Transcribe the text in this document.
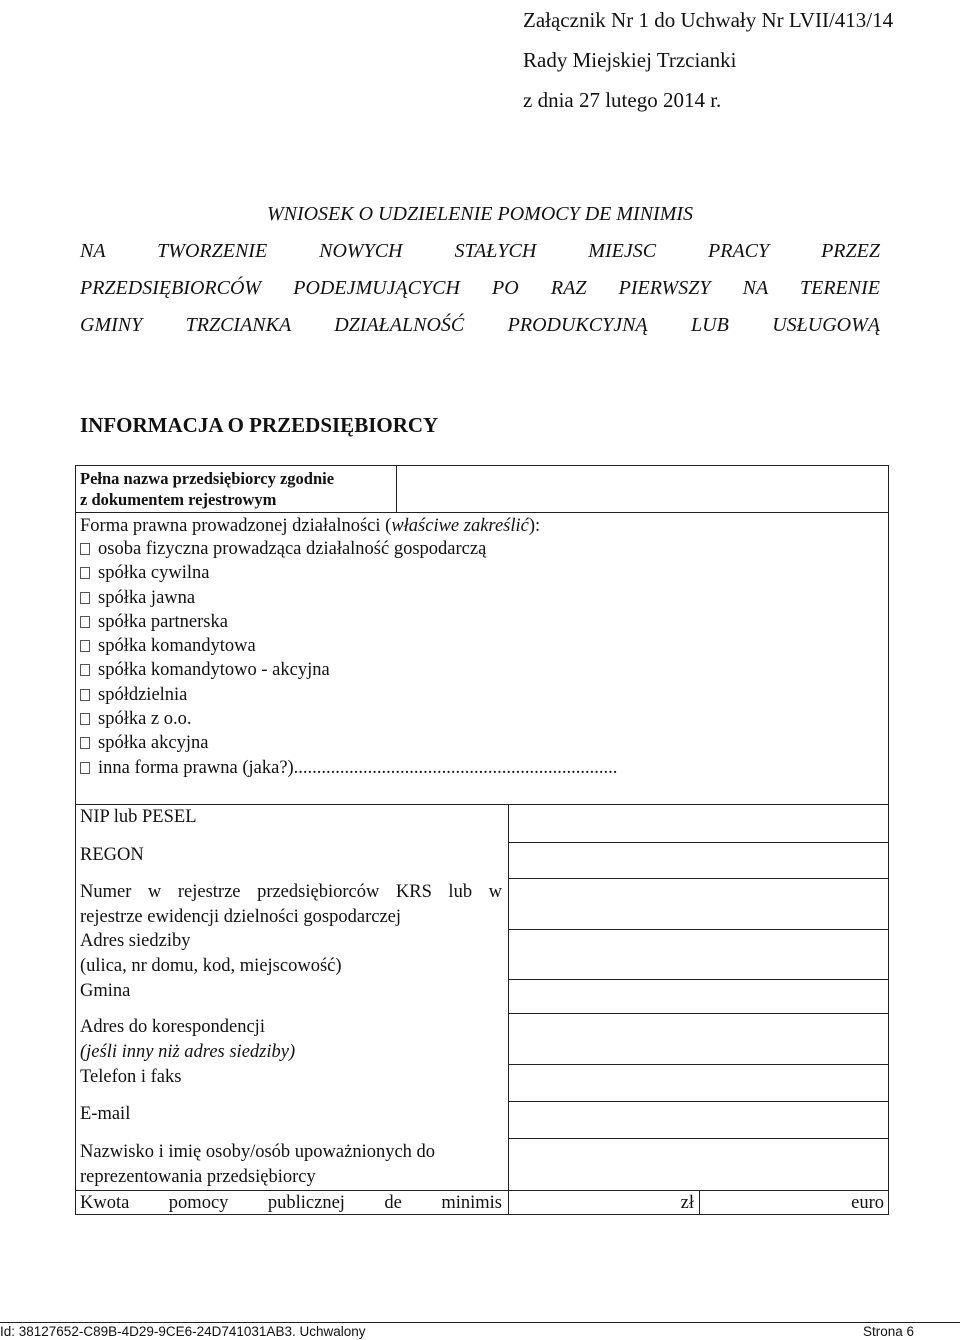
Załącznik Nr 1 do Uchwały Nr LVII/413/14
Rady Miejskiej Trzcianki
z dnia 27 lutego 2014 r.
WNIOSEK O UDZIELENIE POMOCY DE MINIMIS
NA TWORZENIE NOWYCH STAŁYCH MIEJSC PRACY PRZEZ
PRZEDSIĘBIORCÓW PODEJMUJĄCYCH PO RAZ PIERWSZY NA TERENIE
GMINY TRZCIANKA DZIAŁALNOŚĆ PRODUKCYJNĄ LUB USŁUGOWĄ
INFORMACJA O PRZEDSIĘBIORCY
Pełna nazwa przedsiębiorcy zgodnie
z dokumentem rejestrowym
Forma prawna prowadzonej działalności (właściwe zakreślić):
osoba fizyczna prowadząca działalność gospodarczą
spółka cywilna
spółka jawna
spółka partnerska
spółka komandytowa
spółka komandytowo - akcyjna
spółdzielnia
spółka z o.o.
spółka akcyjna
inna forma prawna (jaka?)......................................................................
NIP lub PESEL
REGON
Numer w rejestrze przedsiębiorców KRS lub w
rejestrze ewidencji dzielności gospodarczej
Adres siedziby
(ulica, nr domu, kod, miejscowość)
Gmina
Adres do korespondencji
(jeśli inny niż adres siedziby)
Telefon i faks
E-mail
Nazwisko i imię osoby/osób upoważnionych do
reprezentowania przedsiębiorcy
Kwota pomocy publicznej de minimis	zł	euro
Id: 38127652-C89B-4D29-9CE6-24D741031AB3. Uchwalony	Strona 6
